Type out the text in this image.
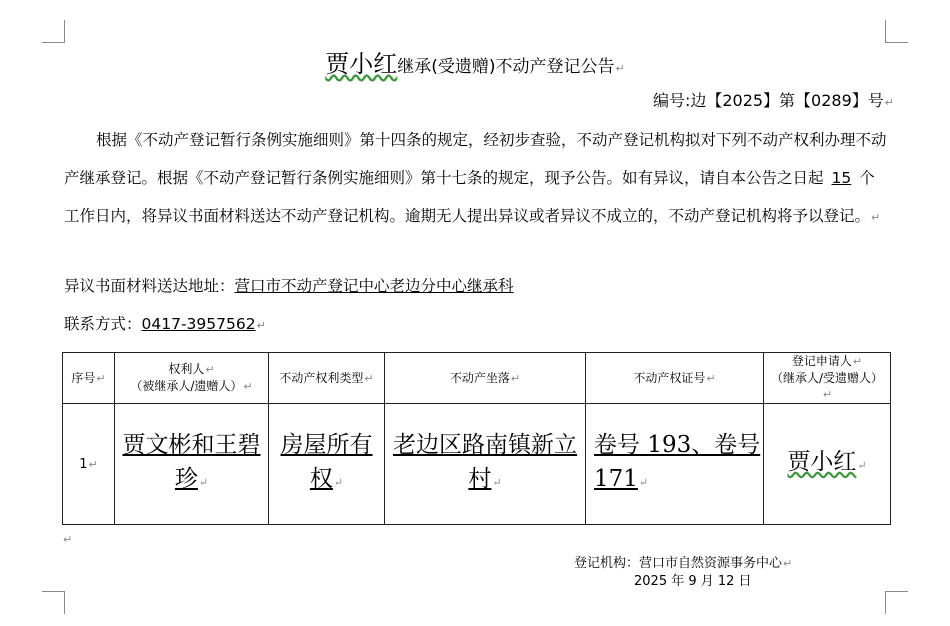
贾小红继承(受遗赠)不动产登记公告↵
编号:边【2025】第【0289】号↵
根据《不动产登记暂行条例实施细则》第十四条的规定，经初步查验，不动产登记机构拟对下列不动产权利办理不动产继承登记。根据《不动产登记暂行条例实施细则》第十七条的规定，现予公告。如有异议，请自本公告之日起 15 个工作日内，将异议书面材料送达不动产登记机构。逾期无人提出异议或者异议不成立的，不动产登记机构将予以登记。↵
异议书面材料送达地址：营口市不动产登记中心老边分中心继承科
联系方式：0417-3957562↵
序号↵	权利人↵
（被继承人/遗赠人）↵	不动产权利类型↵	不动产坐落↵	不动产权证号↵	登记申请人↵
（继承人/受遗赠人）↵
1↵	贾文彬和王碧珍↵	房屋所有权↵	老边区路南镇新立村↵	卷号 193、卷号 171↵	贾小红↵
↵
登记机构：营口市自然资源事务中心↵
2025 年 9 月 12 日
